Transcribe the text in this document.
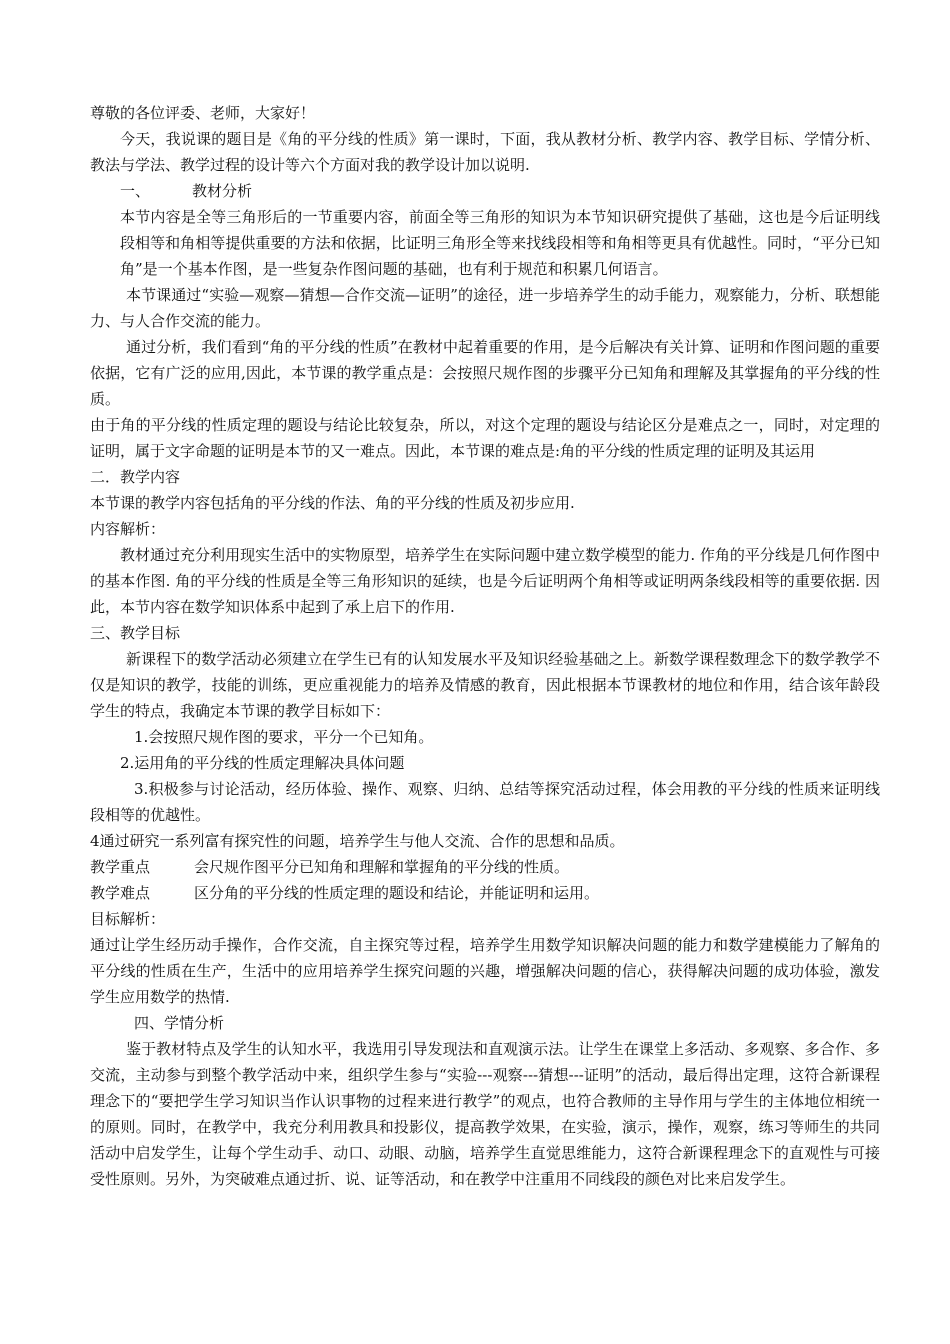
尊敬的各位评委、老师，大家好！

今天，我说课的题目是《角的平分线的性质》第一课时，下面，我从教材分析、教学内容、教学目标、学情分析、教法与学法、教学过程的设计等六个方面对我的教学设计加以说明.

一、	教材分析

本节内容是全等三角形后的一节重要内容，前面全等三角形的知识为本节知识研究提供了基础，这也是今后证明线段相等和角相等提供重要的方法和依据，比证明三角形全等来找线段相等和角相等更具有优越性。同时，“平分已知角”是一个基本作图，是一些复杂作图问题的基础，也有利于规范和积累几何语言。

本节课通过“实验—观察—猜想—合作交流—证明”的途径，进一步培养学生的动手能力，观察能力，分析、联想能力、与人合作交流的能力。

通过分析，我们看到“角的平分线的性质”在教材中起着重要的作用，是今后解决有关计算、证明和作图问题的重要依据，它有广泛的应用,因此，本节课的教学重点是：会按照尺规作图的步骤平分已知角和理解及其掌握角的平分线的性质。

由于角的平分线的性质定理的题设与结论比较复杂，所以，对这个定理的题设与结论区分是难点之一，同时，对定理的证明，属于文字命题的证明是本节的又一难点。因此，本节课的难点是:角的平分线的性质定理的证明及其运用

二．教学内容

本节课的教学内容包括角的平分线的作法、角的平分线的性质及初步应用.

内容解析：

教材通过充分利用现实生活中的实物原型，培养学生在实际问题中建立数学模型的能力. 作角的平分线是几何作图中的基本作图. 角的平分线的性质是全等三角形知识的延续，也是今后证明两个角相等或证明两条线段相等的重要依据. 因此，本节内容在数学知识体系中起到了承上启下的作用.

三、教学目标

新课程下的数学活动必须建立在学生已有的认知发展水平及知识经验基础之上。新数学课程数理念下的数学教学不仅是知识的教学，技能的训练，更应重视能力的培养及情感的教育，因此根据本节课教材的地位和作用，结合该年龄段学生的特点，我确定本节课的教学目标如下：

1.会按照尺规作图的要求，平分一个已知角。

2.运用角的平分线的性质定理解决具体问题

3.积极参与讨论活动，经历体验、操作、观察、归纳、总结等探究活动过程，体会用教的平分线的性质来证明线段相等的优越性。

4通过研究一系列富有探究性的问题，培养学生与他人交流、合作的思想和品质。

教学重点	会尺规作图平分已知角和理解和掌握角的平分线的性质。

教学难点	区分角的平分线的性质定理的题设和结论，并能证明和运用。

目标解析：

通过让学生经历动手操作，合作交流，自主探究等过程，培养学生用数学知识解决问题的能力和数学建模能力了解角的平分线的性质在生产，生活中的应用培养学生探究问题的兴趣，增强解决问题的信心，获得解决问题的成功体验，激发学生应用数学的热情.

四、学情分析

鉴于教材特点及学生的认知水平，我选用引导发现法和直观演示法。让学生在课堂上多活动、多观察、多合作、多交流，主动参与到整个教学活动中来，组织学生参与“实验---观察---猜想---证明”的活动，最后得出定理，这符合新课程理念下的“要把学生学习知识当作认识事物的过程来进行教学”的观点，也符合教师的主导作用与学生的主体地位相统一的原则。同时，在教学中，我充分利用教具和投影仪，提高教学效果，在实验，演示，操作，观察，练习等师生的共同活动中启发学生，让每个学生动手、动口、动眼、动脑，培养学生直觉思维能力，这符合新课程理念下的直观性与可接受性原则。另外，为突破难点通过折、说、证等活动，和在教学中注重用不同线段的颜色对比来启发学生。
